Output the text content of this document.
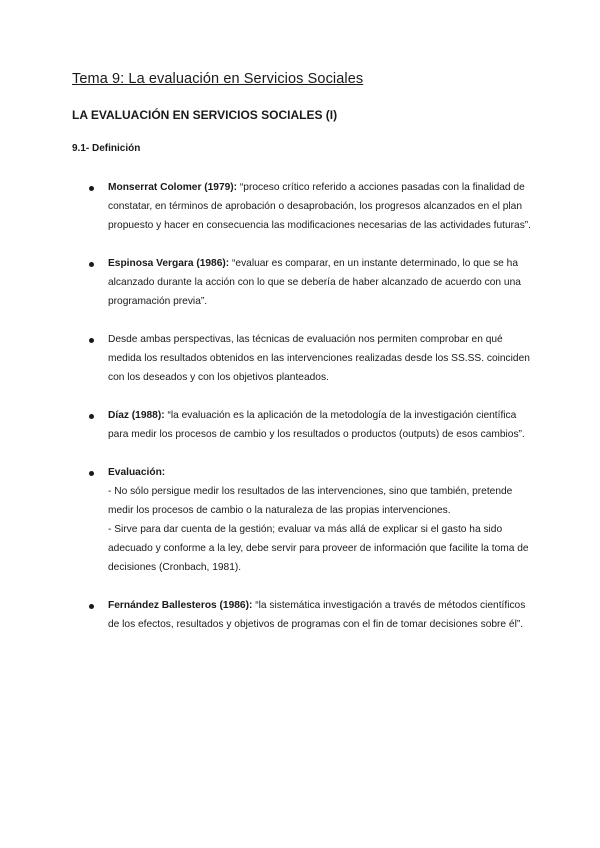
Tema 9: La evaluación en Servicios Sociales
LA EVALUACIÓN EN SERVICIOS SOCIALES (I)
9.1- Definición
Monserrat Colomer (1979): “proceso crítico referido a acciones pasadas con la finalidad de constatar, en términos de aprobación o desaprobación, los progresos alcanzados en el plan propuesto y hacer en consecuencia las modificaciones necesarias de las actividades futuras”.
Espinosa Vergara (1986): “evaluar es comparar, en un instante determinado, lo que se ha alcanzado durante la acción con lo que se debería de haber alcanzado de acuerdo con una programación previa”.
Desde ambas perspectivas, las técnicas de evaluación nos permiten comprobar en qué medida los resultados obtenidos en las intervenciones realizadas desde los SS.SS. coinciden con los deseados y con los objetivos planteados.
Díaz (1988): “la evaluación es la aplicación de la metodología de la investigación científica para medir los procesos de cambio y los resultados o productos (outputs) de esos cambios”.
Evaluación:
- No sólo persigue medir los resultados de las intervenciones, sino que también, pretende medir los procesos de cambio o la naturaleza de las propias intervenciones.
- Sirve para dar cuenta de la gestión; evaluar va más allá de explicar si el gasto ha sido adecuado y conforme a la ley, debe servir para proveer de información que facilite la toma de decisiones (Cronbach, 1981).
Fernández Ballesteros (1986): “la sistemática investigación a través de métodos científicos de los efectos, resultados y objetivos de programas con el fin de tomar decisiones sobre él”.
